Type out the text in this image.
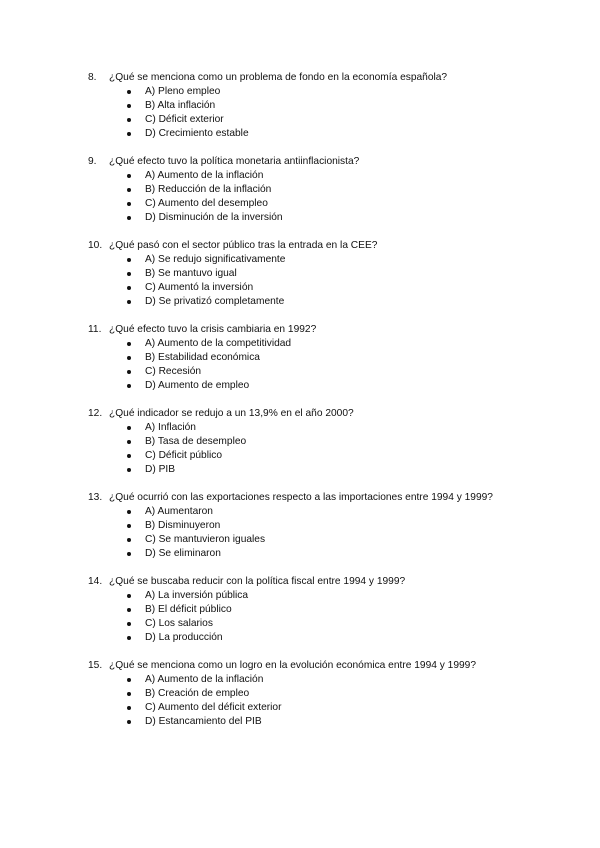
8. ¿Qué se menciona como un problema de fondo en la economía española?
A) Pleno empleo
B) Alta inflación
C) Déficit exterior
D) Crecimiento estable
9. ¿Qué efecto tuvo la política monetaria antiinflacionista?
A) Aumento de la inflación
B) Reducción de la inflación
C) Aumento del desempleo
D) Disminución de la inversión
10. ¿Qué pasó con el sector público tras la entrada en la CEE?
A) Se redujo significativamente
B) Se mantuvo igual
C) Aumentó la inversión
D) Se privatizó completamente
11. ¿Qué efecto tuvo la crisis cambiaria en 1992?
A) Aumento de la competitividad
B) Estabilidad económica
C) Recesión
D) Aumento de empleo
12. ¿Qué indicador se redujo a un 13,9% en el año 2000?
A) Inflación
B) Tasa de desempleo
C) Déficit público
D) PIB
13. ¿Qué ocurrió con las exportaciones respecto a las importaciones entre 1994 y 1999?
A) Aumentaron
B) Disminuyeron
C) Se mantuvieron iguales
D) Se eliminaron
14. ¿Qué se buscaba reducir con la política fiscal entre 1994 y 1999?
A) La inversión pública
B) El déficit público
C) Los salarios
D) La producción
15. ¿Qué se menciona como un logro en la evolución económica entre 1994 y 1999?
A) Aumento de la inflación
B) Creación de empleo
C) Aumento del déficit exterior
D) Estancamiento del PIB
